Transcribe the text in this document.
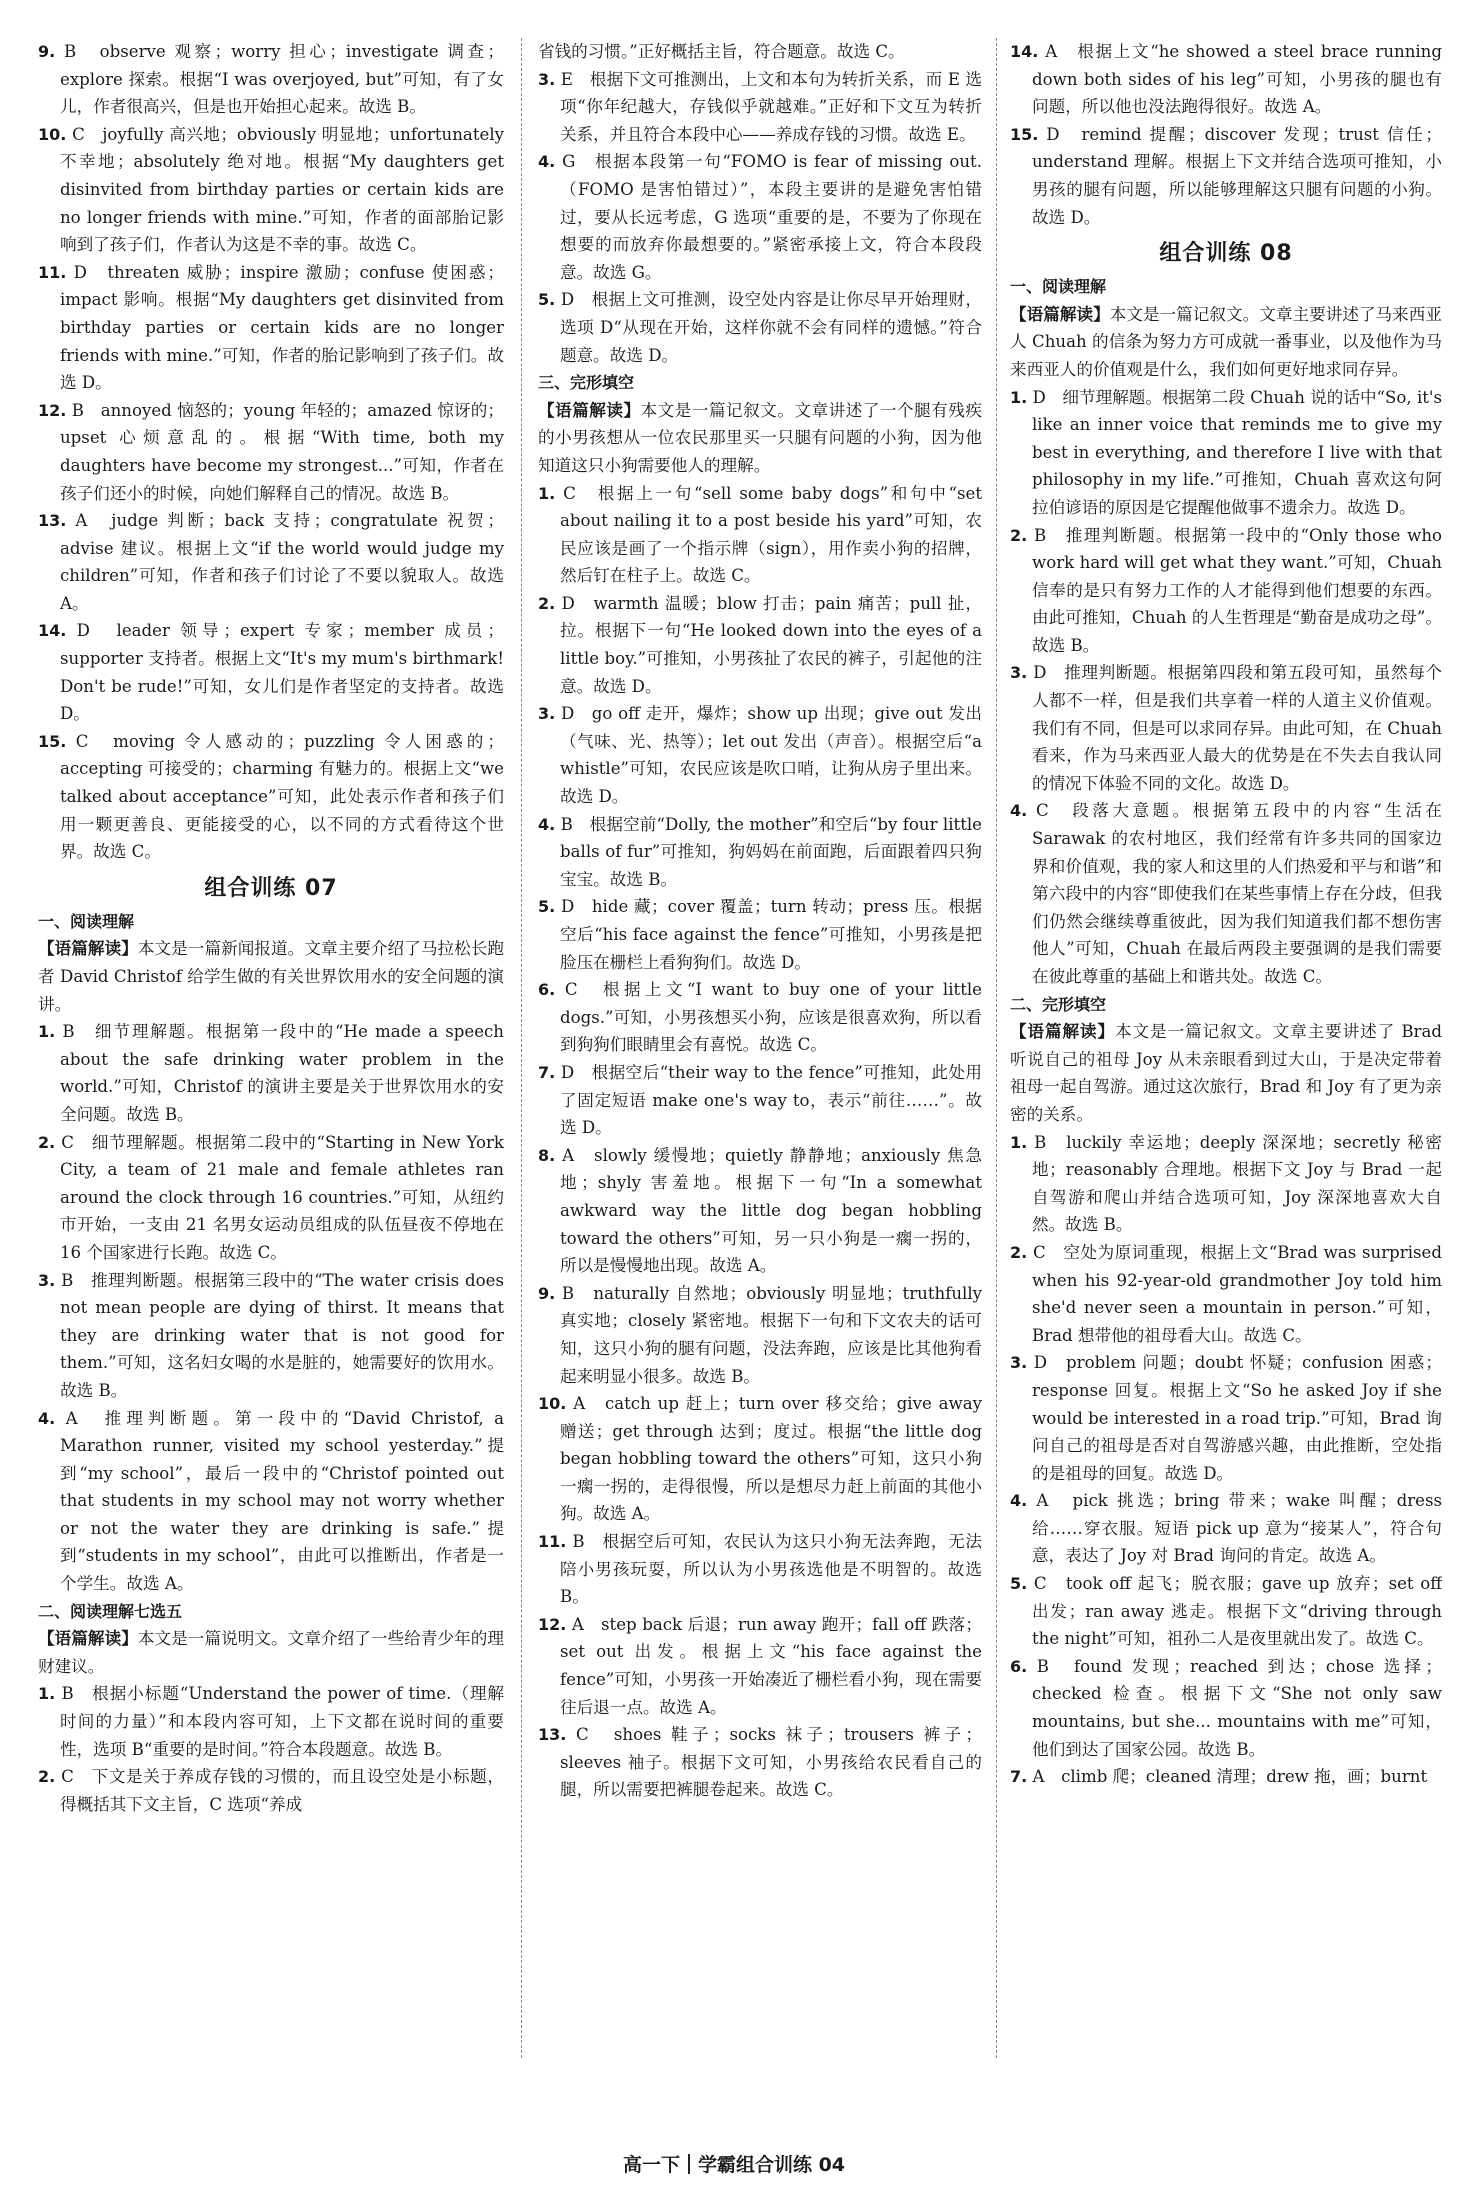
9. B　observe 观察；worry 担心；investigate 调查；explore 探索。根据“I was overjoyed, but”可知，有了女儿，作者很高兴，但是也开始担心起来。故选 B。

10. C　joyfully 高兴地；obviously 明显地；unfortunately 不幸地；absolutely 绝对地。根据“My daughters get disinvited from birthday parties or certain kids are no longer friends with mine.”可知，作者的面部胎记影响到了孩子们，作者认为这是不幸的事。故选 C。

11. D　threaten 威胁；inspire 激励；confuse 使困惑；impact 影响。根据“My daughters get disinvited from birthday parties or certain kids are no longer friends with mine.”可知，作者的胎记影响到了孩子们。故选 D。

12. B　annoyed 恼怒的；young 年轻的；amazed 惊讶的；upset 心烦意乱的。根据“With time, both my daughters have become my strongest...”可知，作者在孩子们还小的时候，向她们解释自己的情况。故选 B。

13. A　judge 判断；back 支持；congratulate 祝贺；advise 建议。根据上文“if the world would judge my children”可知，作者和孩子们讨论了不要以貌取人。故选 A。

14. D　leader 领导；expert 专家；member 成员；supporter 支持者。根据上文“It's my mum's birthmark! Don't be rude!”可知，女儿们是作者坚定的支持者。故选 D。

15. C　moving 令人感动的；puzzling 令人困惑的；accepting 可接受的；charming 有魅力的。根据上文“we talked about acceptance”可知，此处表示作者和孩子们用一颗更善良、更能接受的心，以不同的方式看待这个世界。故选 C。

组合训练 07
一、阅读理解

【语篇解读】本文是一篇新闻报道。文章主要介绍了马拉松长跑者 David Christof 给学生做的有关世界饮用水的安全问题的演讲。

1. B　细节理解题。根据第一段中的“He made a speech about the safe drinking water problem in the world.”可知，Christof 的演讲主要是关于世界饮用水的安全问题。故选 B。

2. C　细节理解题。根据第二段中的“Starting in New York City, a team of 21 male and female athletes ran around the clock through 16 countries.”可知，从纽约市开始，一支由 21 名男女运动员组成的队伍昼夜不停地在 16 个国家进行长跑。故选 C。

3. B　推理判断题。根据第三段中的“The water crisis does not mean people are dying of thirst. It means that they are drinking water that is not good for them.”可知，这名妇女喝的水是脏的，她需要好的饮用水。故选 B。

4. A　推理判断题。第一段中的“David Christof, a Marathon runner, visited my school yesterday.”提到“my school”，最后一段中的“Christof pointed out that students in my school may not worry whether or not the water they are drinking is safe.”提到“students in my school”，由此可以推断出，作者是一个学生。故选 A。

二、阅读理解七选五

【语篇解读】本文是一篇说明文。文章介绍了一些给青少年的理财建议。

1. B　根据小标题“Understand the power of time.（理解时间的力量）”和本段内容可知，上下文都在说时间的重要性，选项 B“重要的是时间。”符合本段题意。故选 B。

2. C　下文是关于养成存钱的习惯的，而且设空处是小标题，得概括其下文主旨，C 选项“养成

省钱的习惯。”正好概括主旨，符合题意。故选 C。

3. E　根据下文可推测出，上文和本句为转折关系，而 E 选项“你年纪越大，存钱似乎就越难。”正好和下文互为转折关系，并且符合本段中心——养成存钱的习惯。故选 E。

4. G　根据本段第一句“FOMO is fear of missing out.（FOMO 是害怕错过）”，本段主要讲的是避免害怕错过，要从长远考虑，G 选项“重要的是，不要为了你现在想要的而放弃你最想要的。”紧密承接上文，符合本段段意。故选 G。

5. D　根据上文可推测，设空处内容是让你尽早开始理财，选项 D“从现在开始，这样你就不会有同样的遗憾。”符合题意。故选 D。

三、完形填空

【语篇解读】本文是一篇记叙文。文章讲述了一个腿有残疾的小男孩想从一位农民那里买一只腿有问题的小狗，因为他知道这只小狗需要他人的理解。

1. C　根据上一句“sell some baby dogs”和句中“set about nailing it to a post beside his yard”可知，农民应该是画了一个指示牌（sign），用作卖小狗的招牌，然后钉在柱子上。故选 C。

2. D　warmth 温暖；blow 打击；pain 痛苦；pull 扯，拉。根据下一句“He looked down into the eyes of a little boy.”可推知，小男孩扯了农民的裤子，引起他的注意。故选 D。

3. D　go off 走开，爆炸；show up 出现；give out 发出（气味、光、热等）；let out 发出（声音）。根据空后“a whistle”可知，农民应该是吹口哨，让狗从房子里出来。故选 D。

4. B　根据空前“Dolly, the mother”和空后“by four little balls of fur”可推知，狗妈妈在前面跑，后面跟着四只狗宝宝。故选 B。

5. D　hide 藏；cover 覆盖；turn 转动；press 压。根据空后“his face against the fence”可推知，小男孩是把脸压在栅栏上看狗狗们。故选 D。

6. C　根据上文“I want to buy one of your little dogs.”可知，小男孩想买小狗，应该是很喜欢狗，所以看到狗狗们眼睛里会有喜悦。故选 C。

7. D　根据空后“their way to the fence”可推知，此处用了固定短语 make one's way to，表示“前往……”。故选 D。

8. A　slowly 缓慢地；quietly 静静地；anxiously 焦急地；shyly 害羞地。根据下一句“In a somewhat awkward way the little dog began hobbling toward the others”可知，另一只小狗是一瘸一拐的，所以是慢慢地出现。故选 A。

9. B　naturally 自然地；obviously 明显地；truthfully 真实地；closely 紧密地。根据下一句和下文农夫的话可知，这只小狗的腿有问题，没法奔跑，应该是比其他狗看起来明显小很多。故选 B。

10. A　catch up 赶上；turn over 移交给；give away 赠送；get through 达到；度过。根据“the little dog began hobbling toward the others”可知，这只小狗一瘸一拐的，走得很慢，所以是想尽力赶上前面的其他小狗。故选 A。

11. B　根据空后可知，农民认为这只小狗无法奔跑，无法陪小男孩玩耍，所以认为小男孩选他是不明智的。故选 B。

12. A　step back 后退；run away 跑开；fall off 跌落；set out 出发。根据上文“his face against the fence”可知，小男孩一开始凑近了栅栏看小狗，现在需要往后退一点。故选 A。

13. C　shoes 鞋子；socks 袜子；trousers 裤子；sleeves 袖子。根据下文可知，小男孩给农民看自己的腿，所以需要把裤腿卷起来。故选 C。

14. A　根据上文“he showed a steel brace running down both sides of his leg”可知，小男孩的腿也有问题，所以他也没法跑得很好。故选 A。

15. D　remind 提醒；discover 发现；trust 信任；understand 理解。根据上下文并结合选项可推知，小男孩的腿有问题，所以能够理解这只腿有问题的小狗。故选 D。

组合训练 08
一、阅读理解

【语篇解读】本文是一篇记叙文。文章主要讲述了马来西亚人 Chuah 的信条为努力方可成就一番事业，以及他作为马来西亚人的价值观是什么，我们如何更好地求同存异。

1. D　细节理解题。根据第二段 Chuah 说的话中“So, it's like an inner voice that reminds me to give my best in everything, and therefore I live with that philosophy in my life.”可推知，Chuah 喜欢这句阿拉伯谚语的原因是它提醒他做事不遗余力。故选 D。

2. B　推理判断题。根据第一段中的“Only those who work hard will get what they want.”可知，Chuah 信奉的是只有努力工作的人才能得到他们想要的东西。由此可推知，Chuah 的人生哲理是“勤奋是成功之母”。故选 B。

3. D　推理判断题。根据第四段和第五段可知，虽然每个人都不一样，但是我们共享着一样的人道主义价值观。我们有不同，但是可以求同存异。由此可知，在 Chuah 看来，作为马来西亚人最大的优势是在不失去自我认同的情况下体验不同的文化。故选 D。

4. C　段落大意题。根据第五段中的内容“生活在 Sarawak 的农村地区，我们经常有许多共同的国家边界和价值观，我的家人和这里的人们热爱和平与和谐”和第六段中的内容“即使我们在某些事情上存在分歧，但我们仍然会继续尊重彼此，因为我们知道我们都不想伤害他人”可知，Chuah 在最后两段主要强调的是我们需要在彼此尊重的基础上和谐共处。故选 C。

二、完形填空

【语篇解读】本文是一篇记叙文。文章主要讲述了 Brad 听说自己的祖母 Joy 从未亲眼看到过大山，于是决定带着祖母一起自驾游。通过这次旅行，Brad 和 Joy 有了更为亲密的关系。

1. B　luckily 幸运地；deeply 深深地；secretly 秘密地；reasonably 合理地。根据下文 Joy 与 Brad 一起自驾游和爬山并结合选项可知，Joy 深深地喜欢大自然。故选 B。

2. C　空处为原词重现，根据上文“Brad was surprised when his 92-year-old grandmother Joy told him she'd never seen a mountain in person.”可知，Brad 想带他的祖母看大山。故选 C。

3. D　problem 问题；doubt 怀疑；confusion 困惑；response 回复。根据上文“So he asked Joy if she would be interested in a road trip.”可知，Brad 询问自己的祖母是否对自驾游感兴趣，由此推断，空处指的是祖母的回复。故选 D。

4. A　pick 挑选；bring 带来；wake 叫醒；dress 给……穿衣服。短语 pick up 意为“接某人”，符合句意，表达了 Joy 对 Brad 询问的肯定。故选 A。

5. C　took off 起飞；脱衣服；gave up 放弃；set off 出发；ran away 逃走。根据下文“driving through the night”可知，祖孙二人是夜里就出发了。故选 C。

6. B　found 发现；reached 到达；chose 选择；checked 检查。根据下文“She not only saw mountains, but she... mountains with me”可知，他们到达了国家公园。故选 B。

7. A　climb 爬；cleaned 清理；drew 拖，画；burnt

高一下 学霸组合训练 04
